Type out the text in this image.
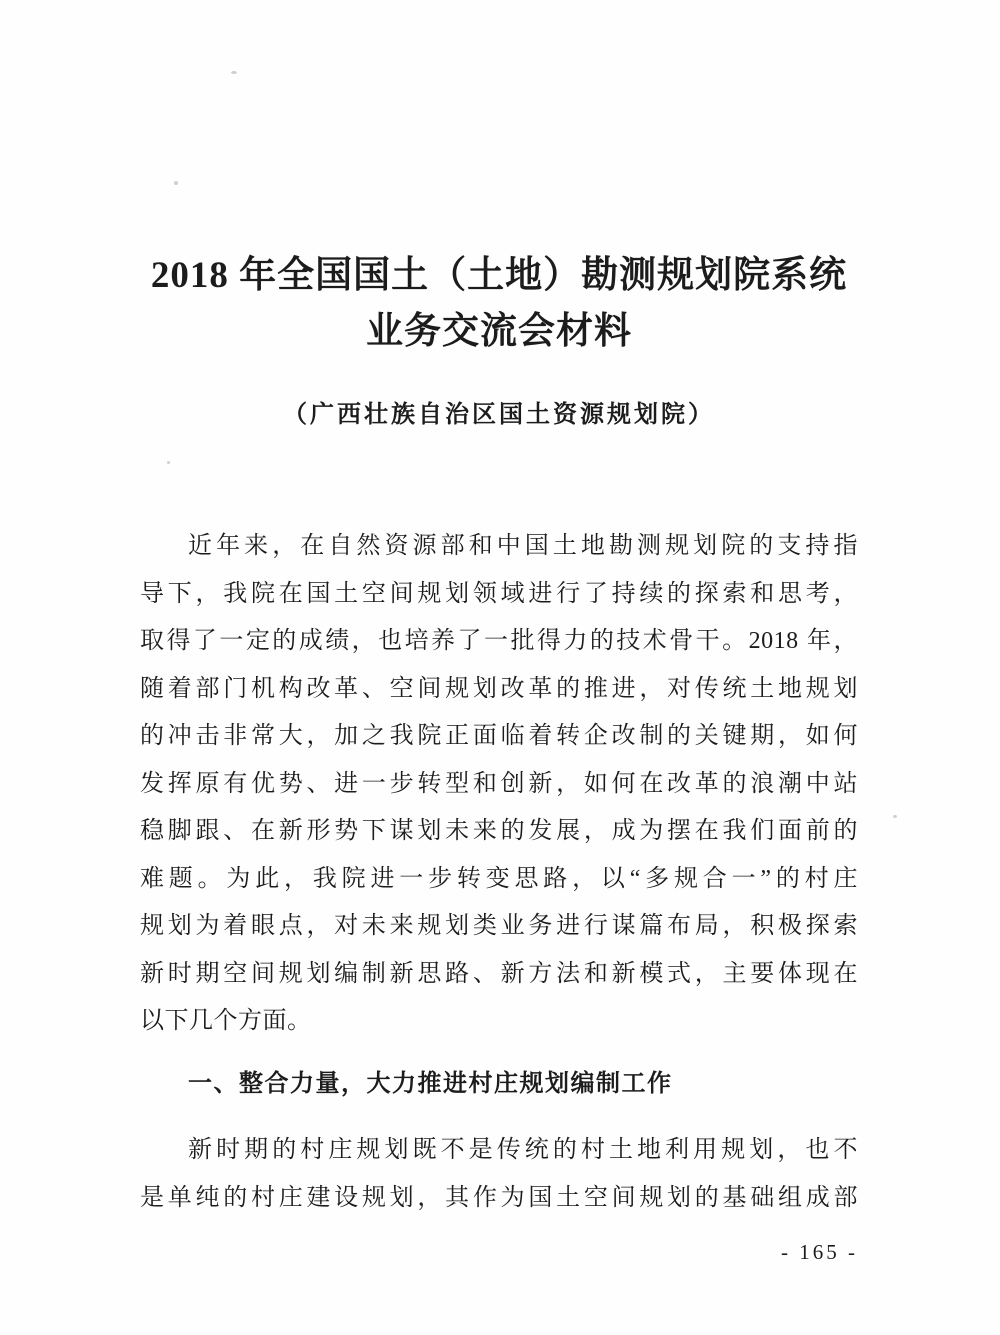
2018 年全国国土（土地）勘测规划院系统
业务交流会材料

（广西壮族自治区国土资源规划院）

近年来，在自然资源部和中国土地勘测规划院的支持指

导下，我院在国土空间规划领域进行了持续的探索和思考，

取得了一定的成绩，也培养了一批得力的技术骨干。2018 年，

随着部门机构改革、空间规划改革的推进，对传统土地规划

的冲击非常大，加之我院正面临着转企改制的关键期，如何

发挥原有优势、进一步转型和创新，如何在改革的浪潮中站

稳脚跟、在新形势下谋划未来的发展，成为摆在我们面前的

难题。为此，我院进一步转变思路，以“多规合一”的村庄

规划为着眼点，对未来规划类业务进行谋篇布局，积极探索

新时期空间规划编制新思路、新方法和新模式，主要体现在

以下几个方面。

一、整合力量，大力推进村庄规划编制工作

新时期的村庄规划既不是传统的村土地利用规划，也不

是单纯的村庄建设规划，其作为国土空间规划的基础组成部

- 165 -
